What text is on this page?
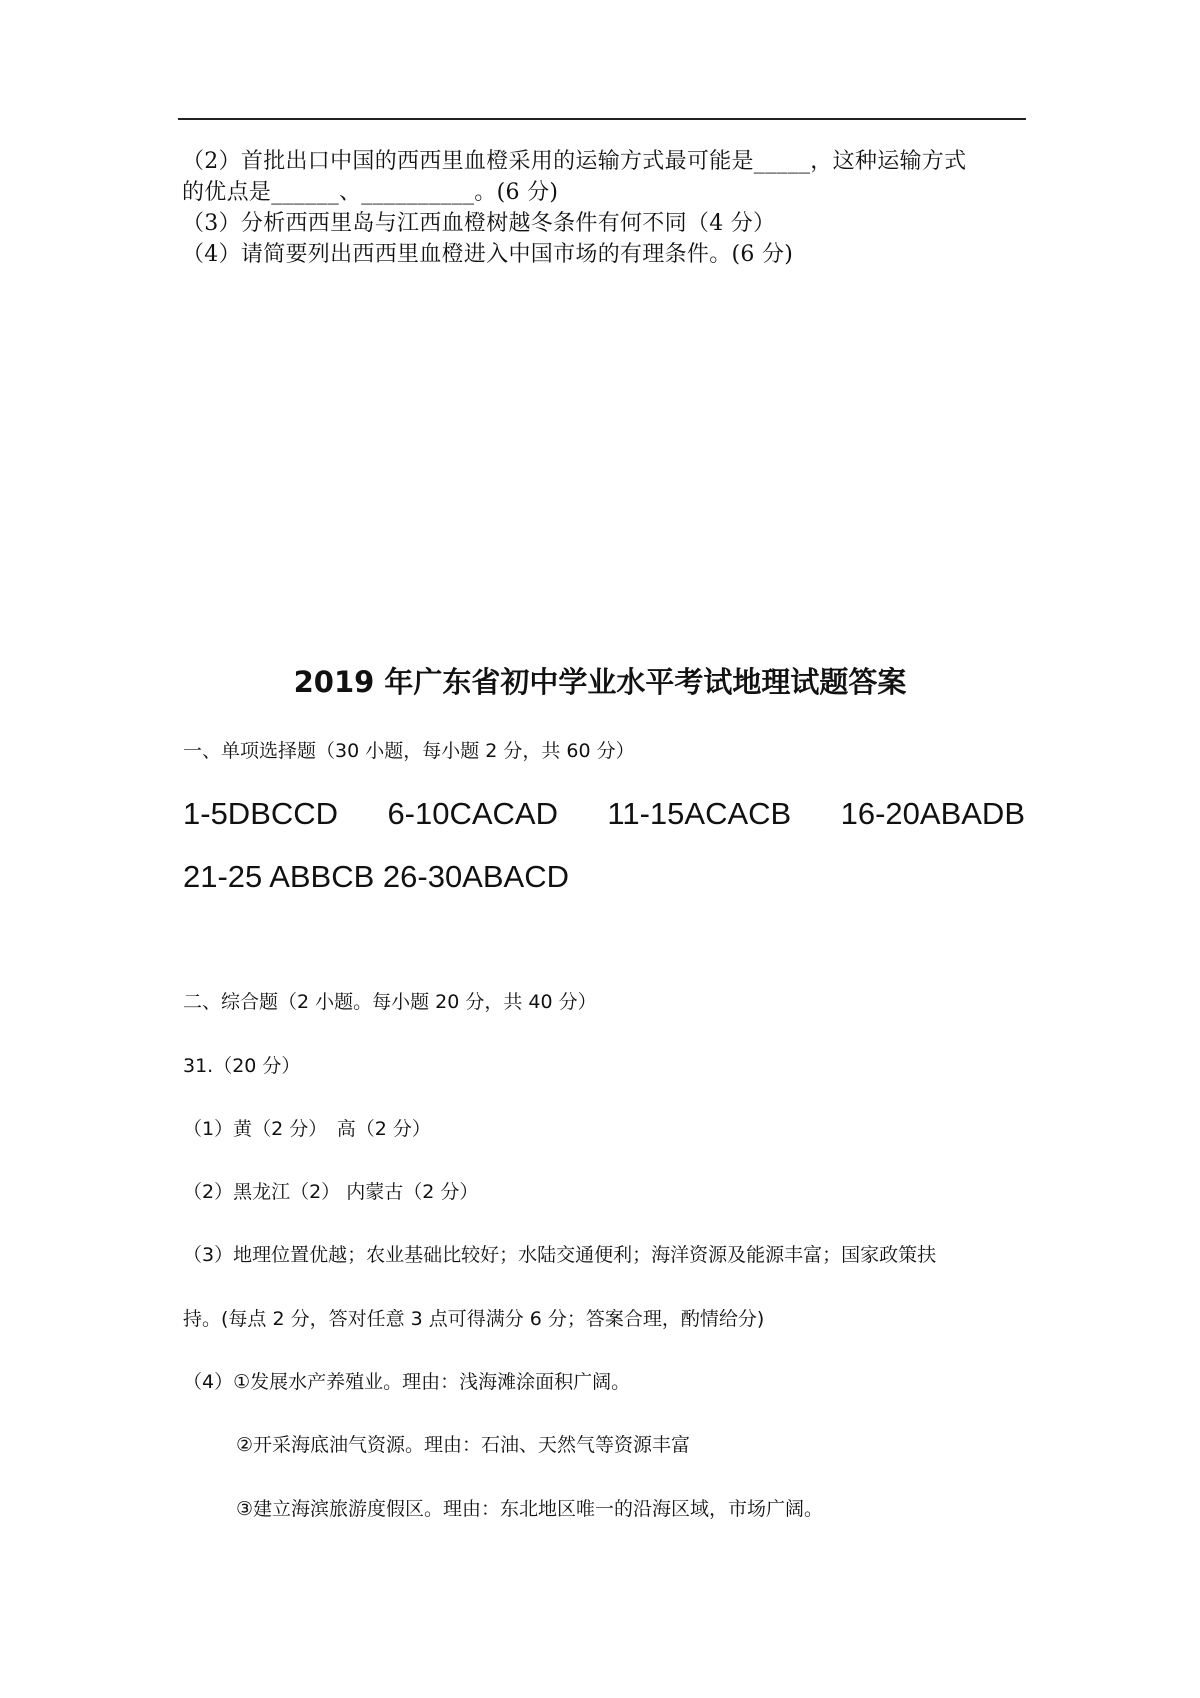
（2）首批出口中国的西西里血橙采用的运输方式最可能是_____，这种运输方式
的优点是______、__________。(6 分)
（3）分析西西里岛与江西血橙树越冬条件有何不同（4 分）
（4）请简要列出西西里血橙进入中国市场的有理条件。(6 分)
2019 年广东省初中学业水平考试地理试题答案
一、单项选择题（30 小题，每小题 2 分，共 60 分）
1-5DBCCD 6-10CACAD 11-15ACACB 16-20ABADB
21-25 ABBCB 26-30ABACD
二、综合题（2 小题。每小题 20 分，共 40 分）
31.（20 分）
（1）黄（2 分）　高（2 分）
（2）黑龙江（2） 内蒙古（2 分）
（3）地理位置优越；农业基础比较好；水陆交通便利；海洋资源及能源丰富；国家政策扶
持。(每点 2 分，答对任意 3 点可得满分 6 分；答案合理，酌情给分)
（4）①发展水产养殖业。理由：浅海滩涂面积广阔。
②开采海底油气资源。理由：石油、天然气等资源丰富
③建立海滨旅游度假区。理由：东北地区唯一的沿海区域，市场广阔。
